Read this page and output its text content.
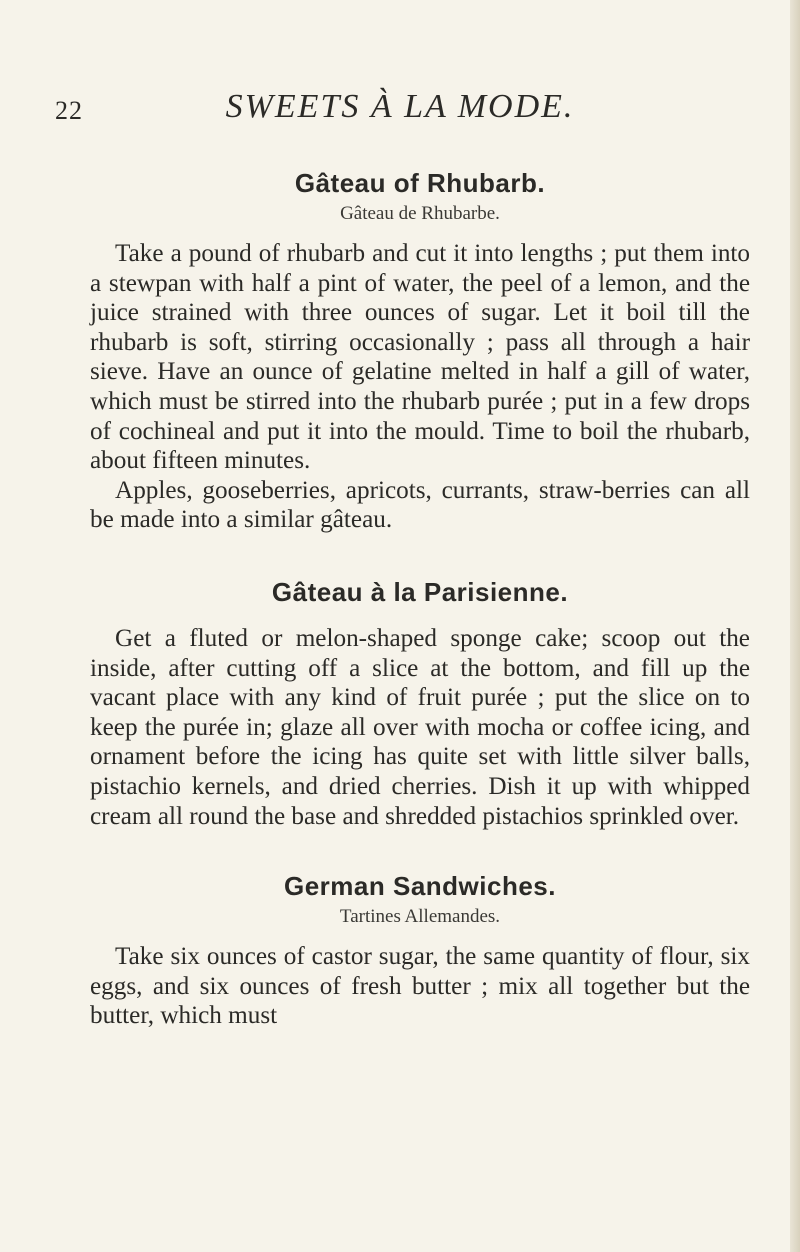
22	SWEETS À LA MODE.
Gâteau of Rhubarb.
Gâteau de Rhubarbe.

Take a pound of rhubarb and cut it into lengths ; put them into a stewpan with half a pint of water, the peel of a lemon, and the juice strained with three ounces of sugar. Let it boil till the rhubarb is soft, stirring occasionally ; pass all through a hair sieve. Have an ounce of gelatine melted in half a gill of water, which must be stirred into the rhubarb purée ; put in a few drops of cochineal and put it into the mould. Time to boil the rhubarb, about fifteen minutes.
Apples, gooseberries, apricots, currants, straw-berries can all be made into a similar gâteau.

Gâteau à la Parisienne.

Get a fluted or melon-shaped sponge cake; scoop out the inside, after cutting off a slice at the bottom, and fill up the vacant place with any kind of fruit purée ; put the slice on to keep the purée in; glaze all over with mocha or coffee icing, and ornament before the icing has quite set with little silver balls, pistachio kernels, and dried cherries. Dish it up with whipped cream all round the base and shredded pistachios sprinkled over.

German Sandwiches.
Tartines Allemandes.

Take six ounces of castor sugar, the same quantity of flour, six eggs, and six ounces of fresh butter ; mix all together but the butter, which must
